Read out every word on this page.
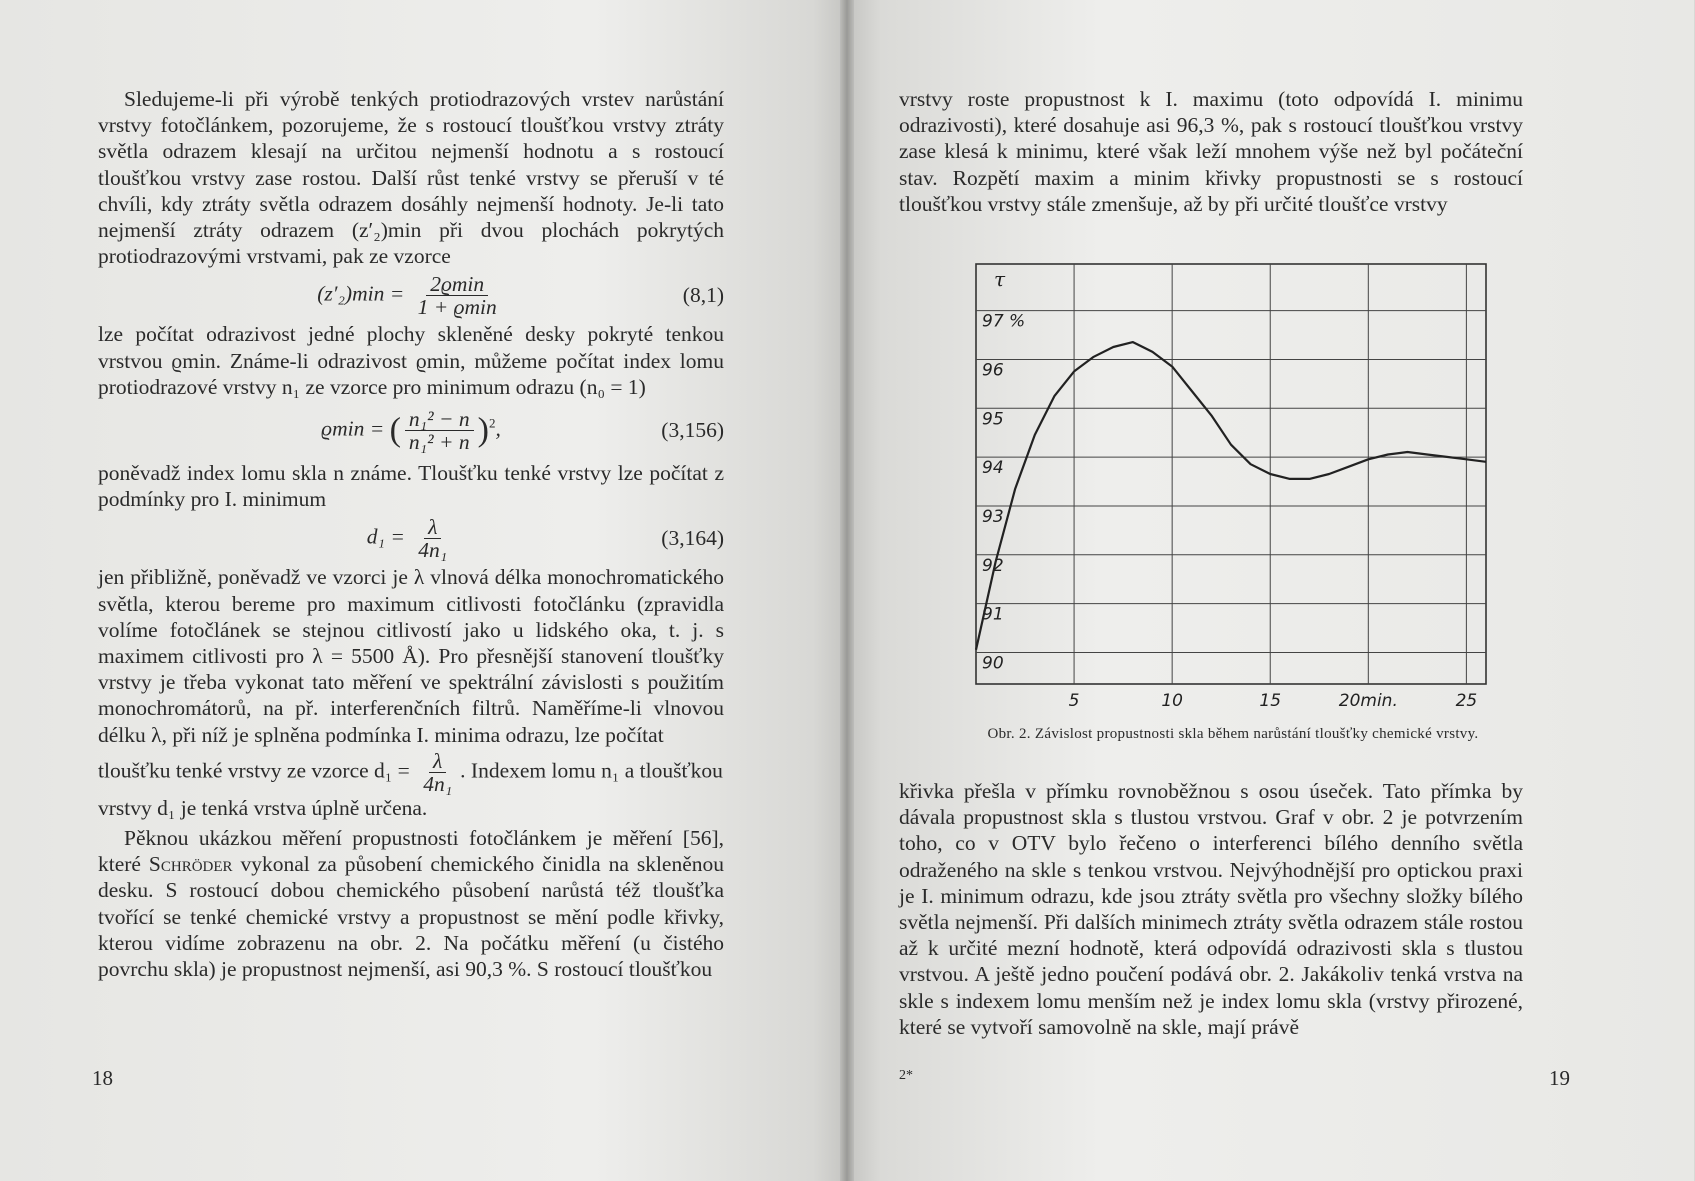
Sledujeme-li při výrobě tenkých protiodrazových vrstev narůstání vrstvy fotočlánkem, pozorujeme, že s rostoucí tloušťkou vrstvy ztráty světla odrazem klesají na určitou nejmenší hodnotu a s rostoucí tloušťkou vrstvy zase rostou. Další růst tenké vrstvy se přeruší v té chvíli, kdy ztráty světla odrazem dosáhly nejmenší hodnoty. Je-li tato nejmenší ztráty odrazem (z′₂)min při dvou plochách pokrytých protiodrazovými vrstvami, pak ze vzorce

$(z'_2)\min = \frac{2ϱ\min}{1 + ϱ\min}$	(8,1)

lze počítat odrazivost jedné plochy skleněné desky pokryté tenkou vrstvou ϱmin. Známe-li odrazivost ϱmin, můžeme počítat index lomu protiodrazové vrstvy n₁ ze vzorce pro minimum odrazu (n₀ = 1)

ϱmin = ( $\frac{\text{n₁² − n}}{\text{n₁² + n}} )^2$,	(3,156)

poněvadž index lomu skla n známe. Tloušťku tenké vrstvy lze počítat z podmínky pro I. minimum

$d_1 = \frac{\lambda}{\text{4n₁}}$	(3,164)

jen přibližně, poněvadž ve vzorci je λ vlnová délka monochromatického světla, kterou bereme pro maximum citlivosti fotočlánku (zpravidla volíme fotočlánek se stejnou citlivostí jako u lidského oka, t. j. s maximem citlivosti pro λ = 5500 Å). Pro přesnější stanovení tloušťky vrstvy je třeba vykonat tato měření ve spektrální závislosti s použitím monochromátorů, na př. interferenčních filtrů. Naměříme-li vlnovou délku λ, při níž je splněna podmínka I. minima odrazu, lze počítat

tloušťku tenké vrstvy ze vzorce $d_1 = \frac{\lambda}{\text{4n₁}}$ . Indexem lomu n₁ a tloušťkou

vrstvy d₁ je tenká vrstva úplně určena.

Pěknou ukázkou měření propustnosti fotočlánkem je měření [56], které Schröder vykonal za působení chemického činidla na skleněnou desku. S rostoucí dobou chemického působení narůstá též tloušťka tvořící se tenké chemické vrstvy a propustnost se mění podle křivky, kterou vidíme zobrazenu na obr. 2. Na počátku měření (u čistého povrchu skla) je propustnost nejmenší, asi 90,3 %. S rostoucí tloušťkou

18

vrstvy roste propustnost k I. maximu (toto odpovídá I. minimu odrazivosti), které dosahuje asi 96,3 %, pak s rostoucí tloušťkou vrstvy zase klesá k minimu, které však leží mnohem výše než byl počáteční stav. Rozpětí maxim a minim křivky propustnosti se s rostoucí tloušťkou vrstvy stále zmenšuje, až by při určité tloušťce vrstvy

křivka přešla v přímku rovnoběžnou s osou úseček. Tato přímka by dávala propustnost skla s tlustou vrstvou. Graf v obr. 2 je potvrzením toho, co v OTV bylo řečeno o interferenci bílého denního světla odraženého na skle s tenkou vrstvou. Nejvýhodnější pro optickou praxi je I. minimum odrazu, kde jsou ztráty světla pro všechny složky bílého světla nejmenší. Při dalších minimech ztráty světla odrazem stále rostou až k určité mezní hodnotě, která odpovídá odrazivosti skla s tlustou vrstvou. A ještě jedno poučení podává obr. 2. Jakákoliv tenká vrstva na skle s indexem lomu menším než je index lomu skla (vrstvy přirozené, které se vytvoří samovolně na skle, mají právě

2*	19
5	10	15	20min.	25
90
91
92
93
94
95
96
97 %
τ
Obr. 2. Závislost propustnosti skla během narůstání tloušťky chemické vrstvy.
